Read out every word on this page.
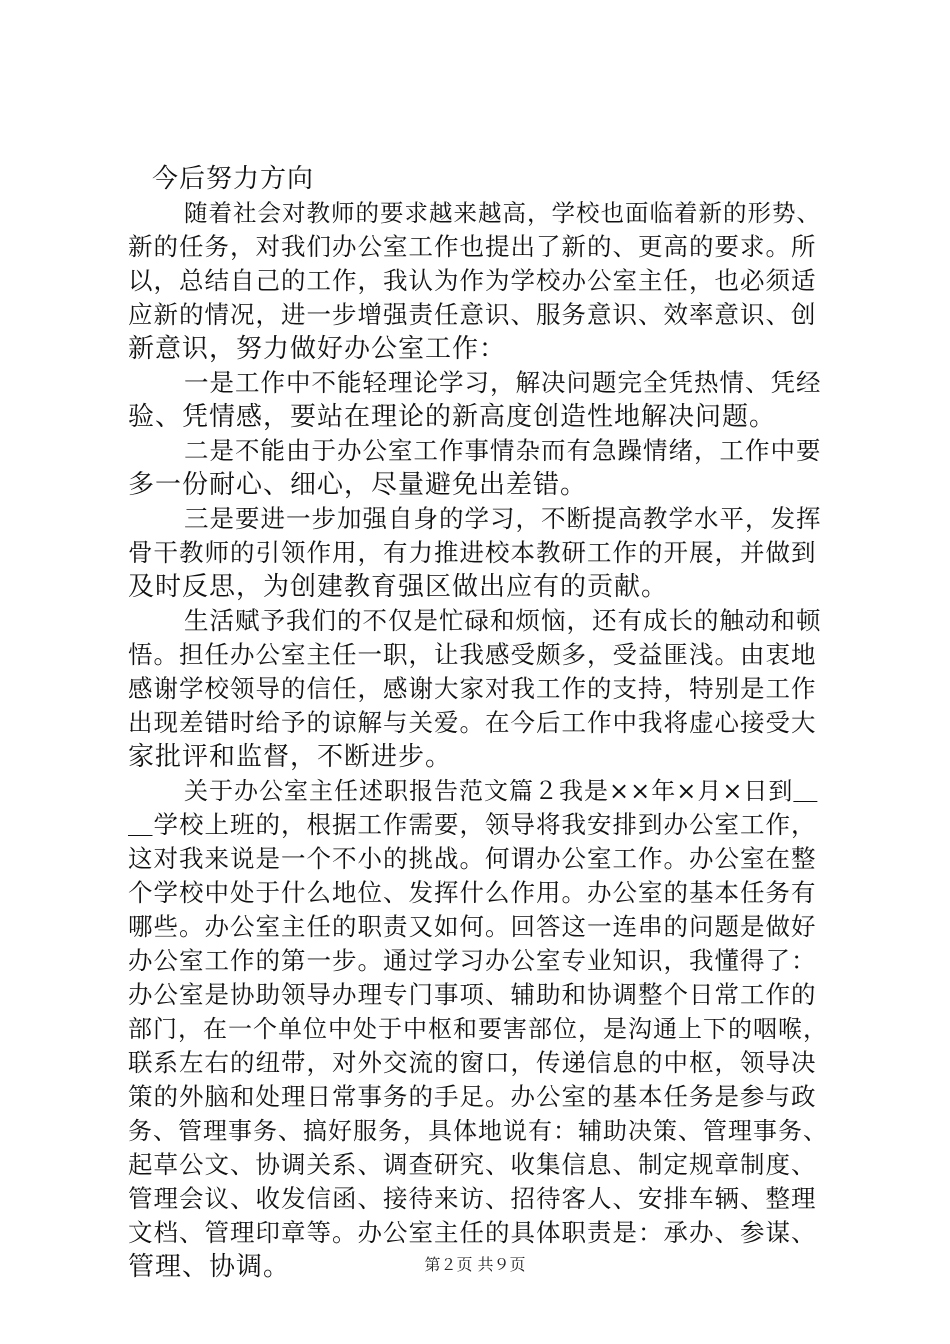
今后努力方向
随着社会对教师的要求越来越高，学校也面临着新的形势、
新的任务，对我们办公室工作也提出了新的、更高的要求。所
以，总结自己的工作，我认为作为学校办公室主任，也必须适
应新的情况，进一步增强责任意识、服务意识、效率意识、创
新意识，努力做好办公室工作：
一是工作中不能轻理论学习，解决问题完全凭热情、凭经
验、凭情感，要站在理论的新高度创造性地解决问题。
二是不能由于办公室工作事情杂而有急躁情绪，工作中要
多一份耐心、细心，尽量避免出差错。
三是要进一步加强自身的学习，不断提高教学水平，发挥
骨干教师的引领作用，有力推进校本教研工作的开展，并做到
及时反思，为创建教育强区做出应有的贡献。
生活赋予我们的不仅是忙碌和烦恼，还有成长的触动和顿
悟。担任办公室主任一职，让我感受颇多，受益匪浅。由衷地
感谢学校领导的信任，感谢大家对我工作的支持，特别是工作
出现差错时给予的谅解与关爱。在今后工作中我将虚心接受大
家批评和监督，不断进步。
关于办公室主任述职报告范文篇２我是××年×月×日到＿
＿学校上班的，根据工作需要，领导将我安排到办公室工作，
这对我来说是一个不小的挑战。何谓办公室工作。办公室在整
个学校中处于什么地位、发挥什么作用。办公室的基本任务有
哪些。办公室主任的职责又如何。回答这一连串的问题是做好
办公室工作的第一步。通过学习办公室专业知识，我懂得了：
办公室是协助领导办理专门事项、辅助和协调整个日常工作的
部门，在一个单位中处于中枢和要害部位，是沟通上下的咽喉，
联系左右的纽带，对外交流的窗口，传递信息的中枢，领导决
策的外脑和处理日常事务的手足。办公室的基本任务是参与政
务、管理事务、搞好服务，具体地说有：辅助决策、管理事务、
起草公文、协调关系、调查研究、收集信息、制定规章制度、
管理会议、收发信函、接待来访、招待客人、安排车辆、整理
文档、管理印章等。办公室主任的具体职责是：承办、参谋、
管理、协调。	第２页 共９页
